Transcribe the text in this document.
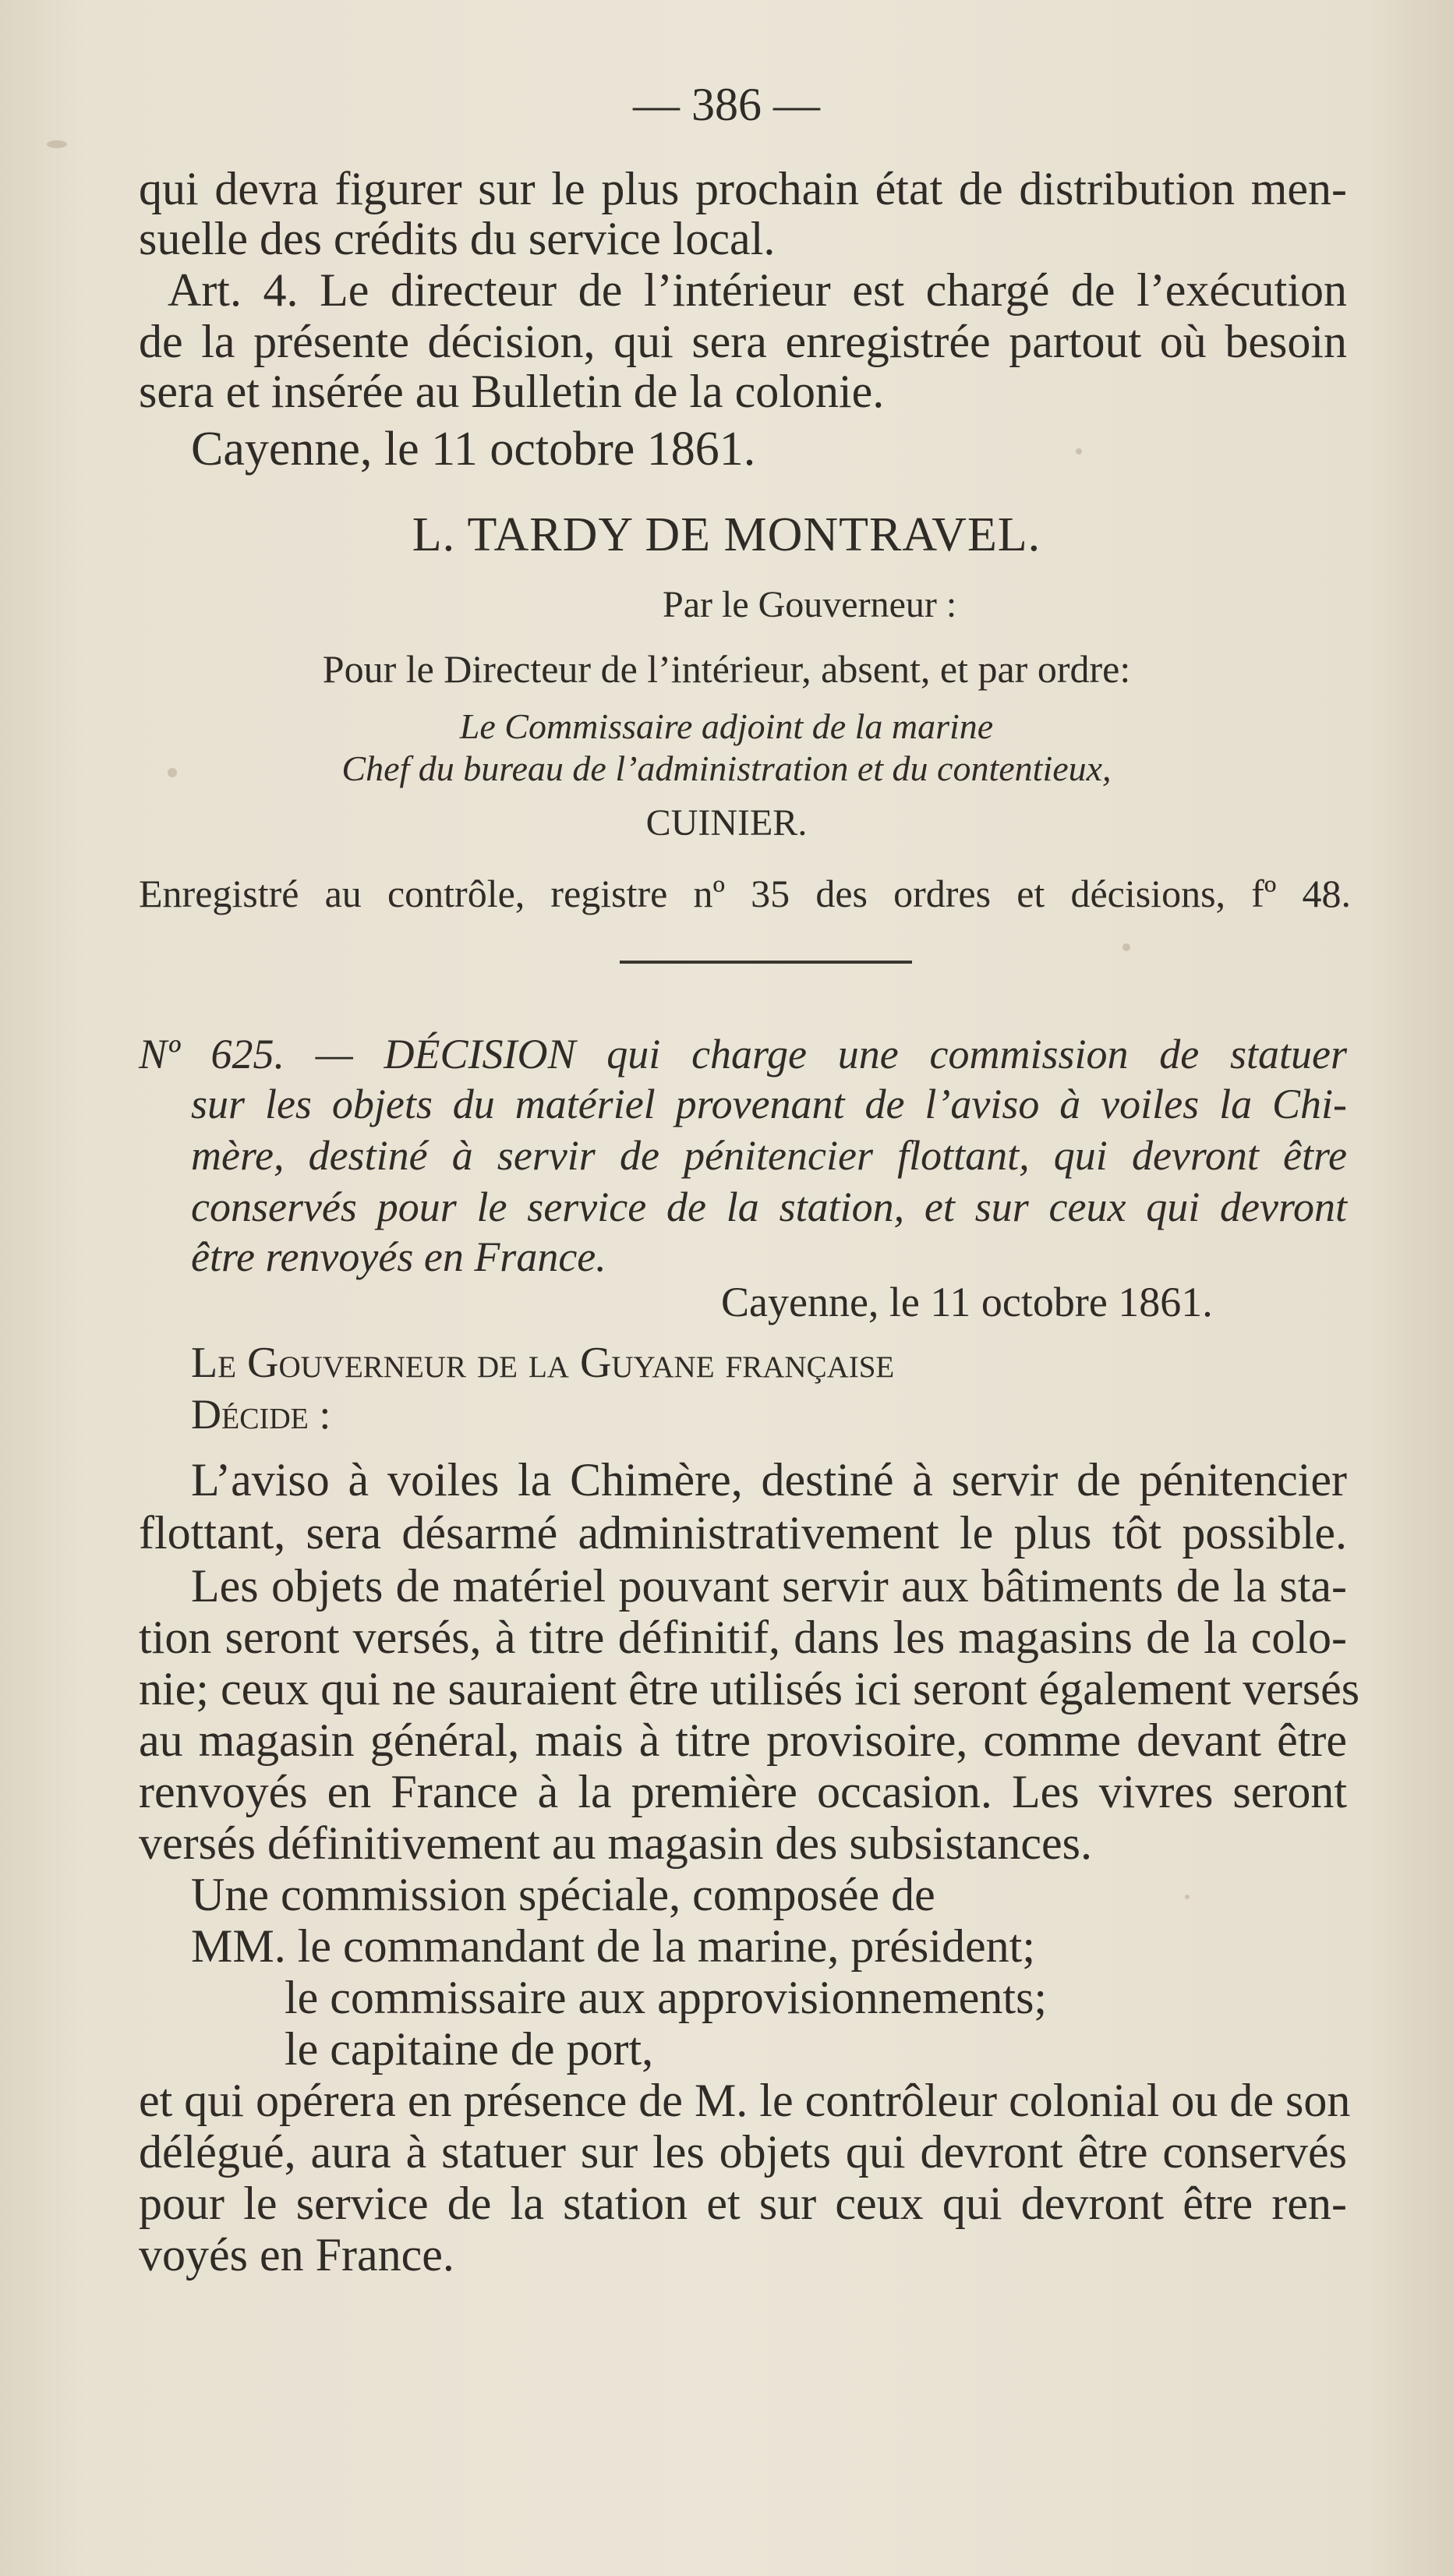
— 386 —
qui devra figurer sur le plus prochain état de distribution men-
suelle des crédits du service local.
Art. 4. Le directeur de l’intérieur est chargé de l’exécution
de la présente décision, qui sera enregistrée partout où besoin
sera et insérée au Bulletin de la colonie.
Cayenne, le 11 octobre 1861.
L. TARDY DE MONTRAVEL.
Par le Gouverneur :
Pour le Directeur de l’intérieur, absent, et par ordre:
Le Commissaire adjoint de la marine
Chef du bureau de l’administration et du contentieux,
CUINIER.
Enregistré au contrôle, registre nº 35 des ordres et décisions, fº 48.
Nº 625. — DÉCISION qui charge une commission de statuer
sur les objets du matériel provenant de l’aviso à voiles la Chi-
mère, destiné à servir de pénitencier flottant, qui devront être
conservés pour le service de la station, et sur ceux qui devront
être renvoyés en France.
Cayenne, le 11 octobre 1861.
Le Gouverneur de la Guyane française
Décide :
L’aviso à voiles la Chimère, destiné à servir de pénitencier
flottant, sera désarmé administrativement le plus tôt possible.
Les objets de matériel pouvant servir aux bâtiments de la sta-
tion seront versés, à titre définitif, dans les magasins de la colo-
nie; ceux qui ne sauraient être utilisés ici seront également versés
au magasin général, mais à titre provisoire, comme devant être
renvoyés en France à la première occasion. Les vivres seront
versés définitivement au magasin des subsistances.
Une commission spéciale, composée de
MM. le commandant de la marine, président;
le commissaire aux approvisionnements;
le capitaine de port,
et qui opérera en présence de M. le contrôleur colonial ou de son
délégué, aura à statuer sur les objets qui devront être conservés
pour le service de la station et sur ceux qui devront être ren-
voyés en France.
